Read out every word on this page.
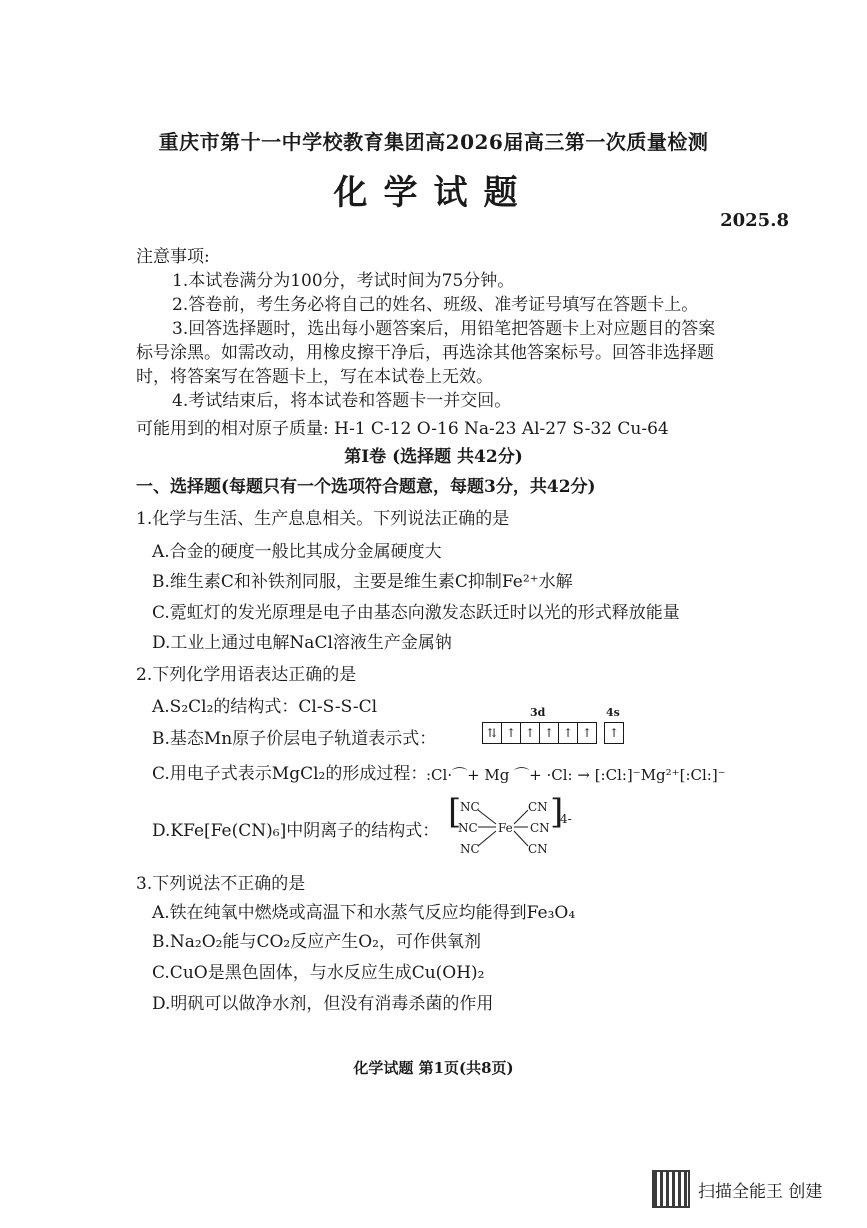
重庆市第十一中学校教育集团高2026届高三第一次质量检测
化学试题
2025.8
注意事项:
1.本试卷满分为100分，考试时间为75分钟。
2.答卷前，考生务必将自己的姓名、班级、准考证号填写在答题卡上。
3.回答选择题时，选出每小题答案后，用铅笔把答题卡上对应题目的答案
标号涂黑。如需改动，用橡皮擦干净后，再选涂其他答案标号。回答非选择题
时，将答案写在答题卡上，写在本试卷上无效。
4.考试结束后，将本试卷和答题卡一并交回。
可能用到的相对原子质量: H-1 C-12 O-16 Na-23 Al-27 S-32 Cu-64
第Ⅰ卷 (选择题 共42分)
一、选择题(每题只有一个选项符合题意，每题3分，共42分)
1.化学与生活、生产息息相关。下列说法正确的是
A.合金的硬度一般比其成分金属硬度大
B.维生素C和补铁剂同服，主要是维生素C抑制Fe²⁺水解
C.霓虹灯的发光原理是电子由基态向激发态跃迁时以光的形式释放能量
D.工业上通过电解NaCl溶液生产金属钠
2.下列化学用语表达正确的是
A.S₂Cl₂的结构式：Cl-S-S-Cl
B.基态Mn原子价层电子轨道表示式：
3d
⇅ ↑ ↑ ↑ ↑ ↑
4s
↑
C.用电子式表示MgCl₂的形成过程：
:Cl·⌒+ Mg ⌒+ ·Cl: → [:Cl:]⁻Mg²⁺[:Cl:]⁻
D.KFe[Fe(CN)₆]中阴离子的结构式： [
NC
NC
NC
Fe
CN
CN
CN
]
4-
3.下列说法不正确的是
A.铁在纯氧中燃烧或高温下和水蒸气反应均能得到Fe₃O₄
B.Na₂O₂能与CO₂反应产生O₂，可作供氧剂
C.CuO是黑色固体，与水反应生成Cu(OH)₂
D.明矾可以做净水剂，但没有消毒杀菌的作用
化学试题 第1页(共8页)
扫描全能王 创建
